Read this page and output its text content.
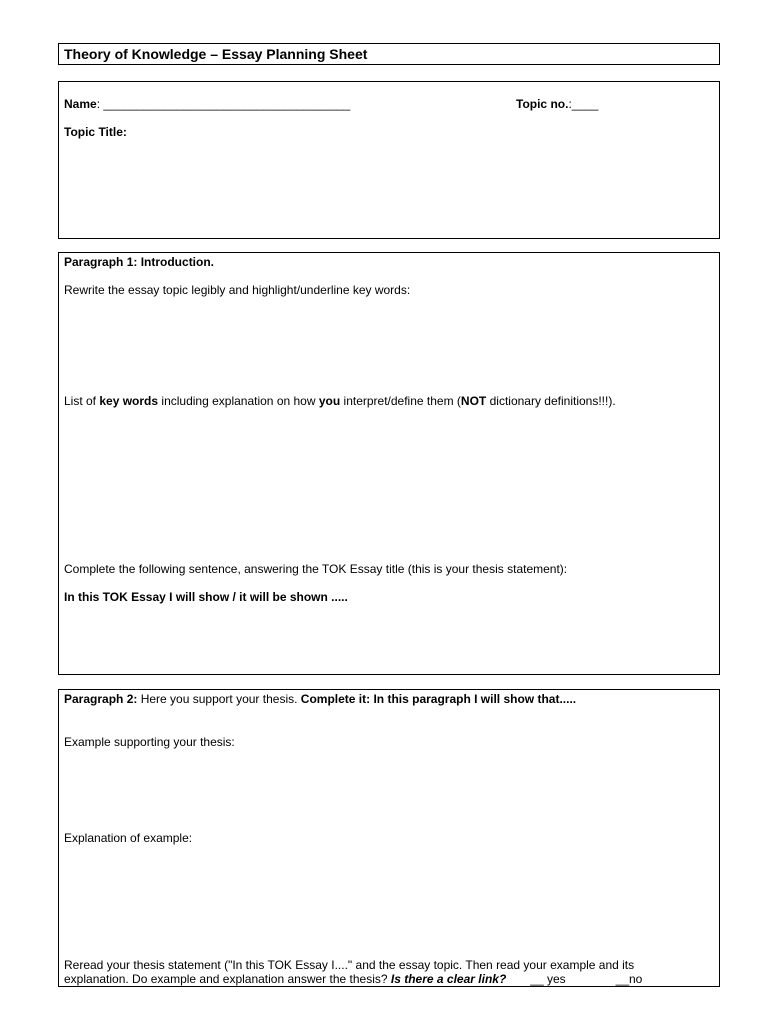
Theory of Knowledge – Essay Planning Sheet
Name: _____________________________________	Topic no.:____
Topic Title:
Paragraph 1: Introduction.
Rewrite the essay topic legibly and highlight/underline key words:
List of key words including explanation on how you interpret/define them (NOT dictionary definitions!!!).
Complete the following sentence, answering the TOK Essay title (this is your thesis statement):
In this TOK Essay I will show / it will be shown .....
Paragraph 2: Here you support your thesis. Complete it: In this paragraph I will show that.....
Example supporting your thesis:
Explanation of example:
Reread your thesis statement ("In this TOK Essay I...." and the essay topic. Then read your example and its
explanation. Do example and explanation answer the thesis? Is there a clear link? __ yes	__no
